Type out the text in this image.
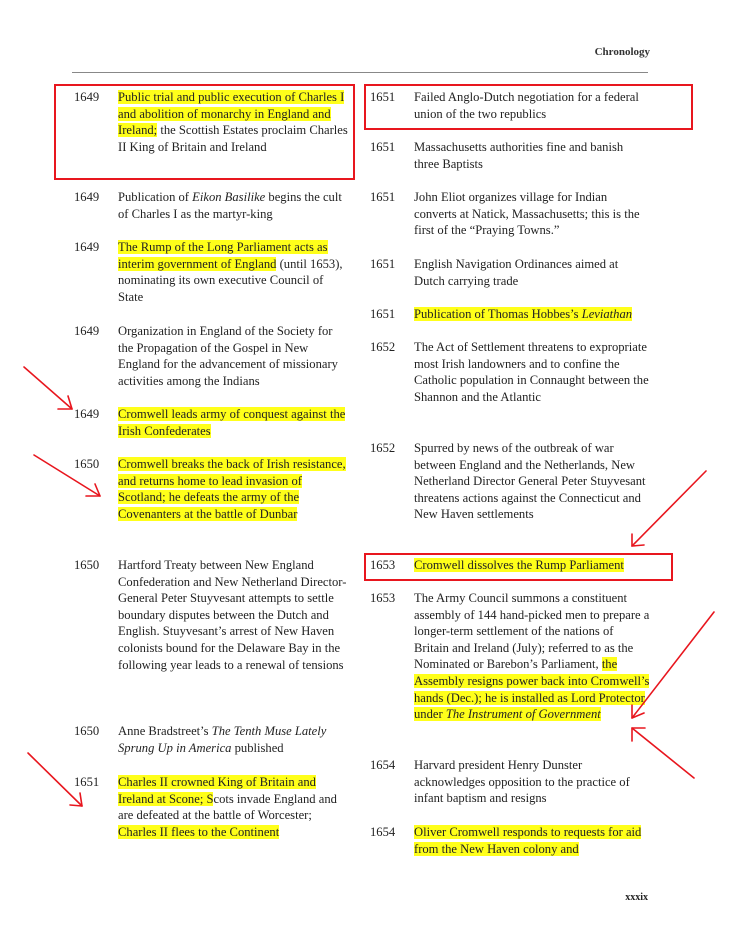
Chronology
1649	Public trial and public execution of Charles I and abolition of monarchy in England and Ireland; the Scottish Estates proclaim Charles II King of Britain and Ireland
1649	Publication of Eikon Basilike begins the cult of Charles I as the martyr-king
1649	The Rump of the Long Parliament acts as interim government of England (until 1653), nominating its own executive Council of State
1649	Organization in England of the Society for the Propagation of the Gospel in New England for the advancement of missionary activities among the Indians
1649	Cromwell leads army of conquest against the Irish Confederates
1650	Cromwell breaks the back of Irish resistance, and returns home to lead invasion of Scotland; he defeats the army of the Covenanters at the battle of Dunbar
1650	Hartford Treaty between New England Confederation and New Netherland Director-General Peter Stuyvesant attempts to settle boundary disputes between the Dutch and English. Stuyvesant’s arrest of New Haven colonists bound for the Delaware Bay in the following year leads to a renewal of tensions
1650	Anne Bradstreet’s The Tenth Muse Lately Sprung Up in America published
1651	Charles II crowned King of Britain and Ireland at Scone; Scots invade England and are defeated at the battle of Worcester; Charles II flees to the Continent
1651	Failed Anglo-Dutch negotiation for a federal union of the two republics
1651	Massachusetts authorities fine and banish three Baptists
1651	John Eliot organizes village for Indian converts at Natick, Massachusetts; this is the first of the “Praying Towns.”
1651	English Navigation Ordinances aimed at Dutch carrying trade
1651	Publication of Thomas Hobbes’s Leviathan
1652	The Act of Settlement threatens to expropriate most Irish landowners and to confine the Catholic population in Connaught between the Shannon and the Atlantic
1652	Spurred by news of the outbreak of war between England and the Netherlands, New Netherland Director General Peter Stuyvesant threatens actions against the Connecticut and New Haven settlements
1653	Cromwell dissolves the Rump Parliament
1653	The Army Council summons a constituent assembly of 144 hand-picked men to prepare a longer-term settlement of the nations of Britain and Ireland (July); referred to as the Nominated or Barebon’s Parliament, the Assembly resigns power back into Cromwell’s hands (Dec.); he is installed as Lord Protector under The Instrument of Government
1654	Harvard president Henry Dunster acknowledges opposition to the practice of infant baptism and resigns
1654	Oliver Cromwell responds to requests for aid from the New Haven colony and
xxxix
